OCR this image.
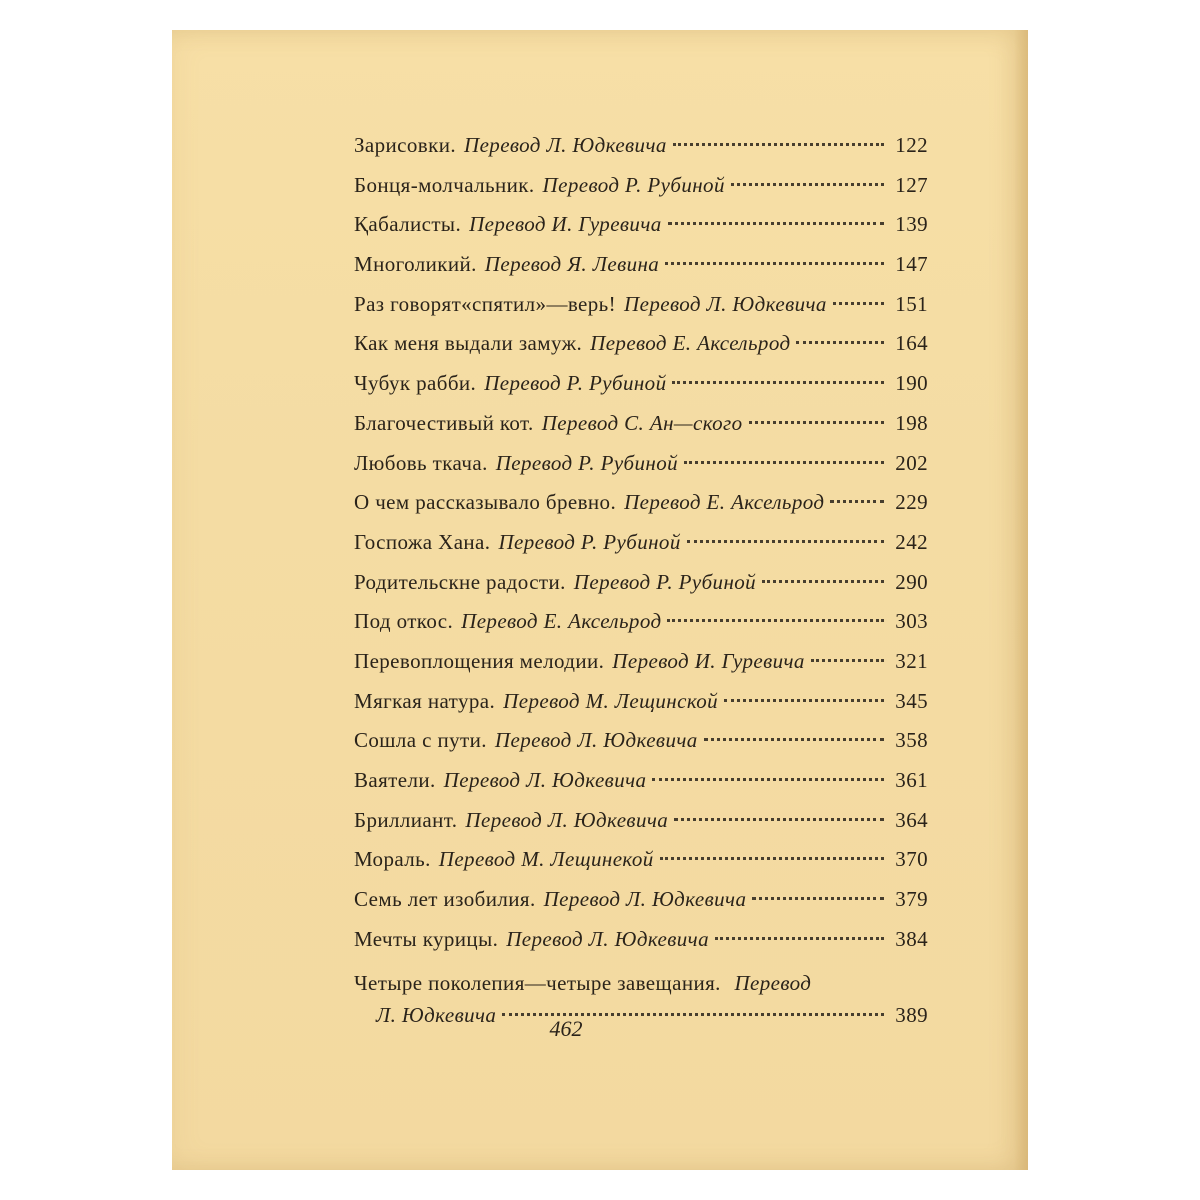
Зарисовки. Перевод Л. Юдкевича	122
Бонця-молчальник. Перевод Р. Рубиной	127
Қабалисты. Перевод И. Гуревича	139
Многоликий. Перевод Я. Левина	147
Раз говорят«спятил»—верь! Перевод Л. Юдкевича	151
Как меня выдали замуж. Перевод Е. Аксельрод	164
Чубук рабби. Перевод Р. Рубиной	190
Благочестивый кот. Перевод С. Ан—ского	198
Любовь ткача. Перевод Р. Рубиной	202
О чем рассказывало бревно. Перевод Е. Аксельрод	229
Госпожа Хана. Перевод Р. Рубиной	242
Родительскне радости. Перевод Р. Рубиной	290
Под откос. Перевод Е. Аксельрод	303
Перевоплощения мелодии. Перевод И. Гуревича	321
Мягкая натура. Перевод М. Лещинской	345
Сошла с пути. Перевод Л. Юдкевича	358
Ваятели. Перевод Л. Юдкевича	361
Бриллиант. Перевод Л. Юдкевича	364
Мораль. Перевод М. Лещинекой	370
Семь лет изобилия. Перевод Л. Юдкевича	379
Мечты курицы. Перевод Л. Юдкевича	384
Четыре поколепия—четыре завещания. Перевод
Л. Юдкевича	389
462
